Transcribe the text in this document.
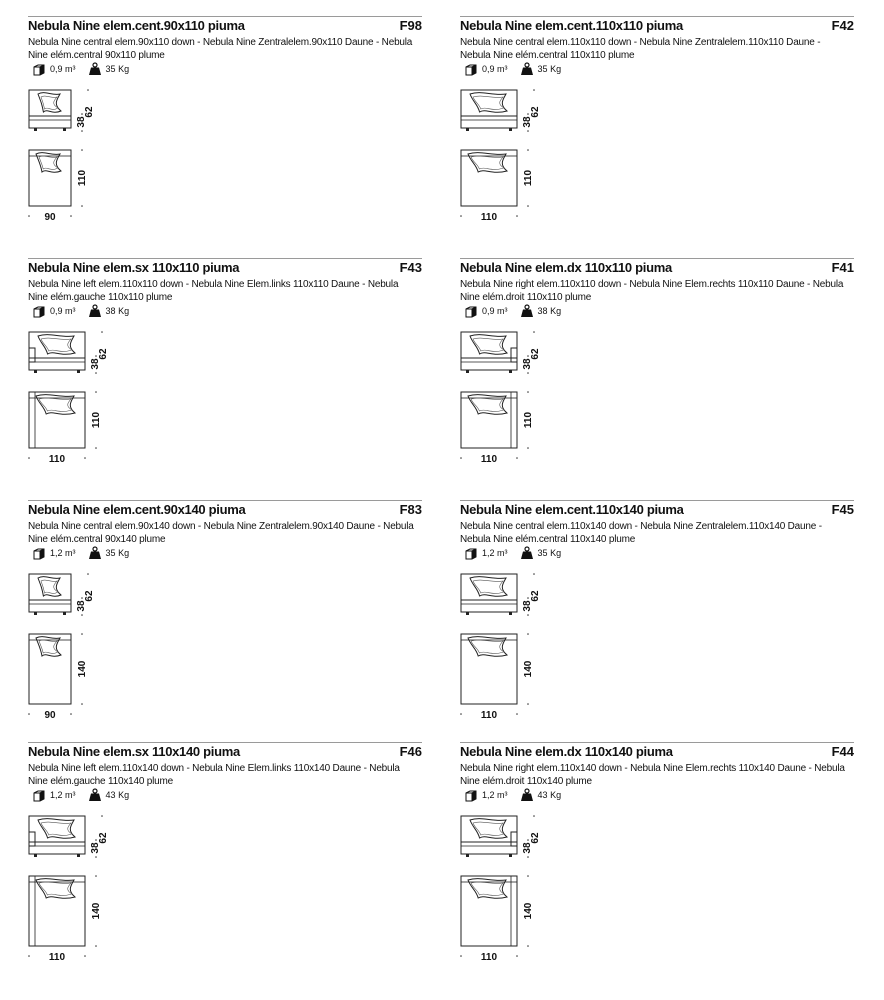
Nebula Nine elem.cent.90x110 piuma	F98
Nebula Nine central elem.90x110 down - Nebula Nine Zentralelem.90x110 Daune - Nebula Nine elém.central 90x110 plume
0,9 m³	35 Kg
38
62
110
90
Nebula Nine elem.cent.110x110 piuma	F42
Nebula Nine central elem.110x110 down - Nebula Nine Zentralelem.110x110 Daune - Nebula Nine elém.central 110x110 plume
0,9 m³	35 Kg
38
62
110
110
Nebula Nine elem.sx 110x110 piuma	F43
Nebula Nine left elem.110x110 down - Nebula Nine Elem.links 110x110 Daune - Nebula Nine elém.gauche 110x110 plume
0,9 m³	38 Kg
38
62
110
110
Nebula Nine elem.dx 110x110 piuma	F41
Nebula Nine right elem.110x110 down - Nebula Nine Elem.rechts 110x110 Daune - Nebula Nine elém.droit 110x110 plume
0,9 m³	38 Kg
38
62
110
110
Nebula Nine elem.cent.90x140 piuma	F83
Nebula Nine central elem.90x140 down - Nebula Nine Zentralelem.90x140 Daune - Nebula Nine elém.central 90x140 plume
1,2 m³	35 Kg
38
62
140
90
Nebula Nine elem.cent.110x140 piuma	F45
Nebula Nine central elem.110x140 down - Nebula Nine Zentralelem.110x140 Daune - Nebula Nine elém.central 110x140 plume
1,2 m³	35 Kg
38
62
140
110
Nebula Nine elem.sx 110x140 piuma	F46
Nebula Nine left elem.110x140 down - Nebula Nine Elem.links 110x140 Daune - Nebula Nine elém.gauche 110x140 plume
1,2 m³	43 Kg
38
62
140
110
Nebula Nine elem.dx 110x140 piuma	F44
Nebula Nine right elem.110x140 down - Nebula Nine Elem.rechts 110x140 Daune - Nebula Nine elém.droit 110x140 plume
1,2 m³	43 Kg
38
62
140
110
